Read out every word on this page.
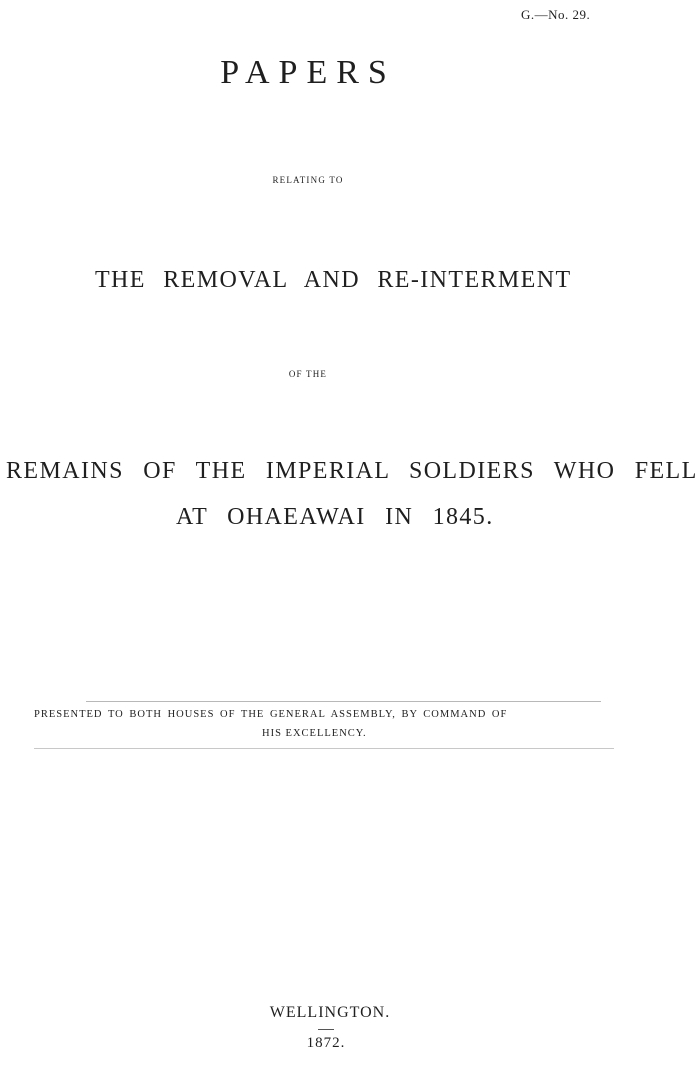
G.—No. 29.
PAPERS
RELATING TO
THE REMOVAL AND RE-INTERMENT
OF THE
REMAINS OF THE IMPERIAL SOLDIERS WHO FELL
AT OHAEAWAI IN 1845.
PRESENTED TO BOTH HOUSES OF THE GENERAL ASSEMBLY, BY COMMAND OF
HIS EXCELLENCY.
WELLINGTON.
1872.
